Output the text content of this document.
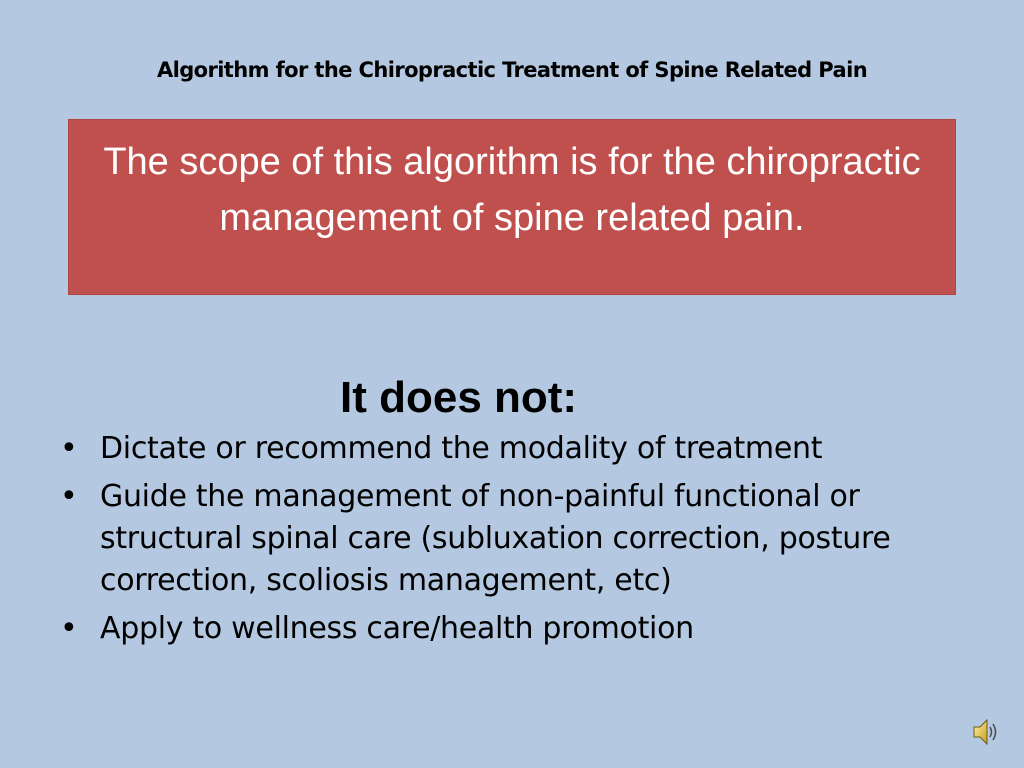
Algorithm for the Chiropractic Treatment of Spine Related Pain
The scope of this algorithm is for the chiropractic management of spine related pain.
It does not:
• Dictate or recommend the modality of treatment
• Guide the management of non-painful functional or structural spinal care (subluxation correction, posture correction, scoliosis management, etc)
• Apply to wellness care/health promotion
